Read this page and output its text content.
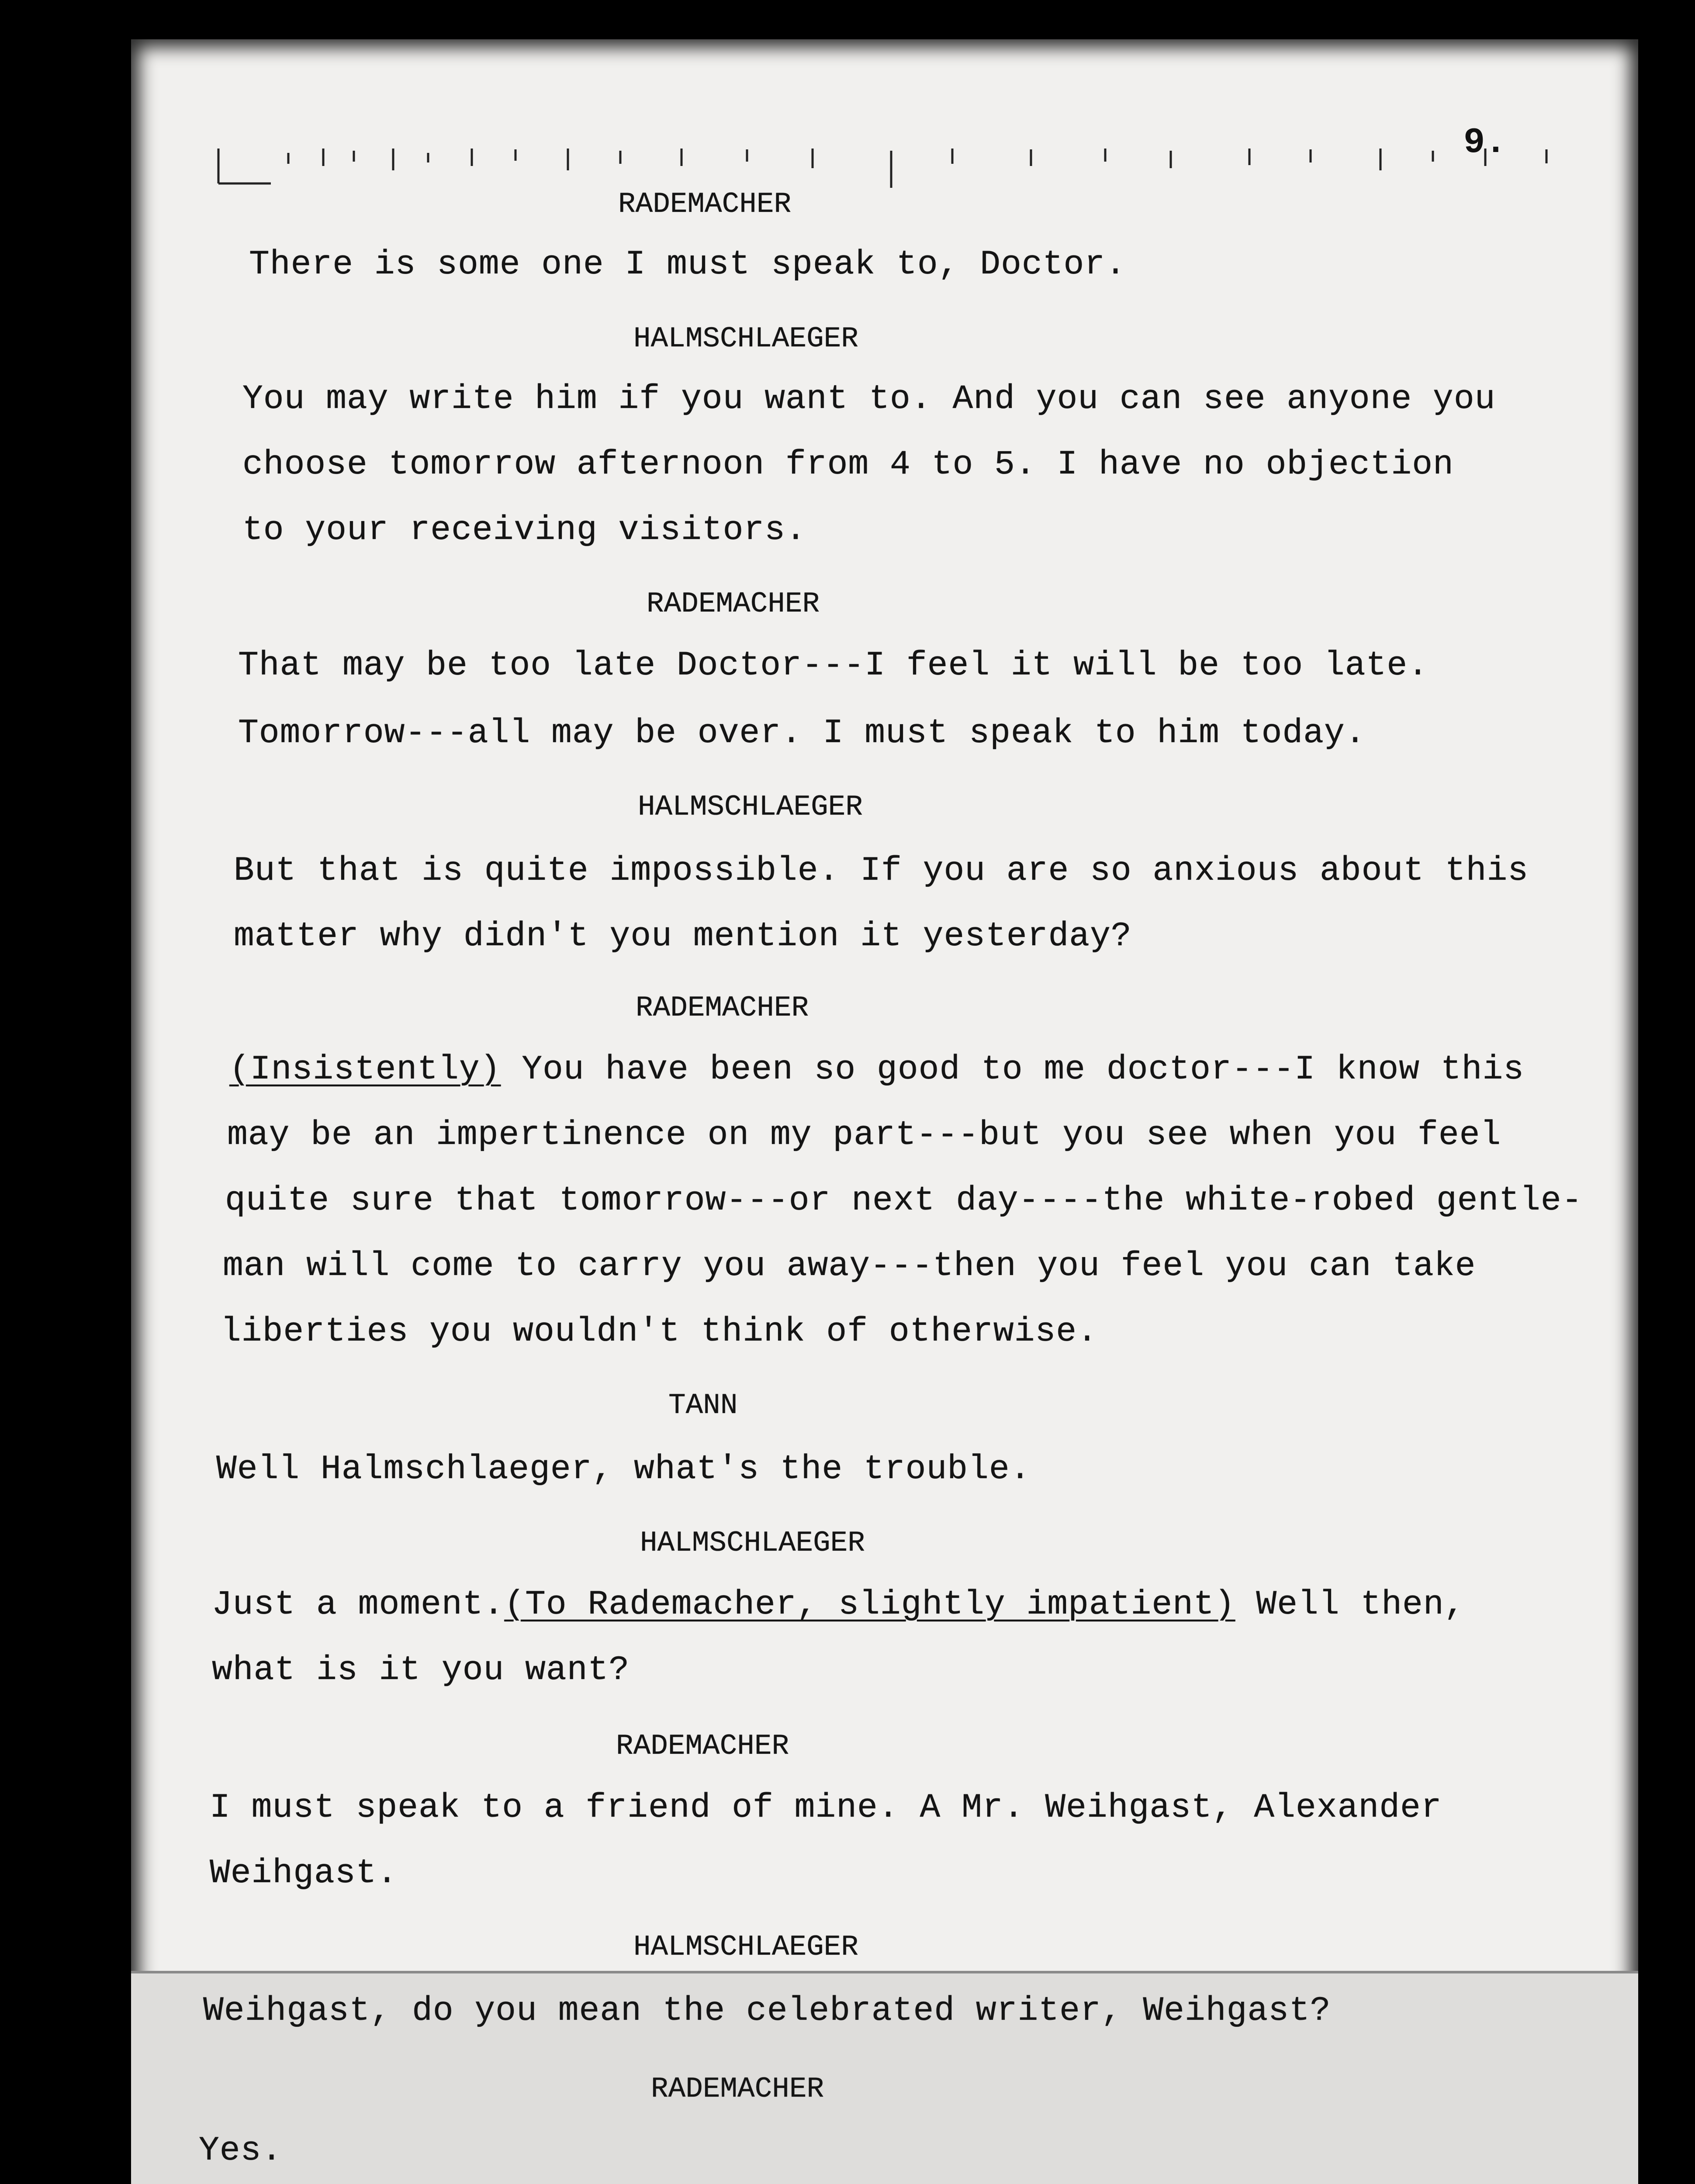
9.
RADEMACHER
There is some one I must speak to, Doctor.
HALMSCHLAEGER
You may write him if you want to. And you can see anyone you
choose tomorrow afternoon from 4 to 5. I have no objection
to your receiving visitors.
RADEMACHER
That may be too late Doctor---I feel it will be too late.
Tomorrow---all may be over. I must speak to him today.
HALMSCHLAEGER
But that is quite impossible. If you are so anxious about this
matter why didn't you mention it yesterday?
RADEMACHER
(Insistently) You have been so good to me doctor---I know this
may be an impertinence on my part---but you see when you feel
quite sure that tomorrow---or next day----the white-robed gentle-
man will come to carry you away---then you feel you can take
liberties you wouldn't think of otherwise.
TANN
Well Halmschlaeger, what's the trouble.
HALMSCHLAEGER
Just a moment.(To Rademacher, slightly impatient) Well then,
what is it you want?
RADEMACHER
I must speak to a friend of mine. A Mr. Weihgast, Alexander
Weihgast.
HALMSCHLAEGER
Weihgast, do you mean the celebrated writer, Weihgast?
RADEMACHER
Yes.
